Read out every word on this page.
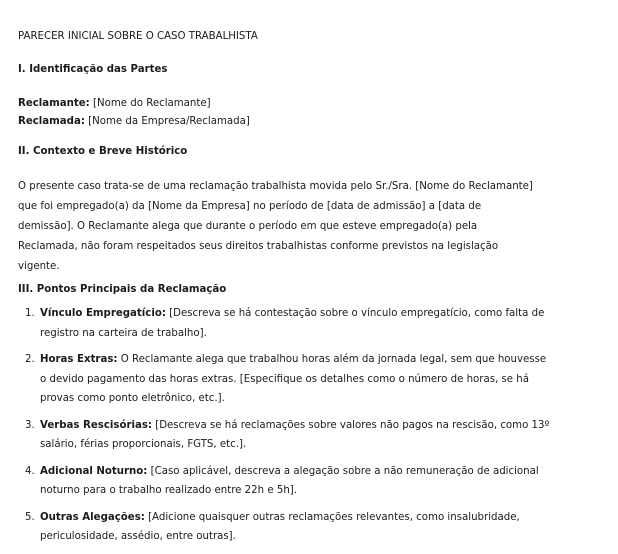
PARECER INICIAL SOBRE O CASO TRABALHISTA

I. Identificação das Partes

Reclamante: [Nome do Reclamante]
Reclamada: [Nome da Empresa/Reclamada]

II. Contexto e Breve Histórico

O presente caso trata-se de uma reclamação trabalhista movida pelo Sr./Sra. [Nome do Reclamante]
que foi empregado(a) da [Nome da Empresa] no período de [data de admissão] a [data de
demissão]. O Reclamante alega que durante o período em que esteve empregado(a) pela
Reclamada, não foram respeitados seus direitos trabalhistas conforme previstos na legislação
vigente.

III. Pontos Principais da Reclamação

1. Vínculo Empregatício: [Descreva se há contestação sobre o vínculo empregatício, como falta de
registro na carteira de trabalho].
2. Horas Extras: O Reclamante alega que trabalhou horas além da jornada legal, sem que houvesse
o devido pagamento das horas extras. [Especifique os detalhes como o número de horas, se há
provas como ponto eletrônico, etc.].
3. Verbas Rescisórias: [Descreva se há reclamações sobre valores não pagos na rescisão, como 13º
salário, férias proporcionais, FGTS, etc.].
4. Adicional Noturno: [Caso aplicável, descreva a alegação sobre a não remuneração de adicional
noturno para o trabalho realizado entre 22h e 5h].
5. Outras Alegações: [Adicione quaisquer outras reclamações relevantes, como insalubridade,
periculosidade, assédio, entre outras].
